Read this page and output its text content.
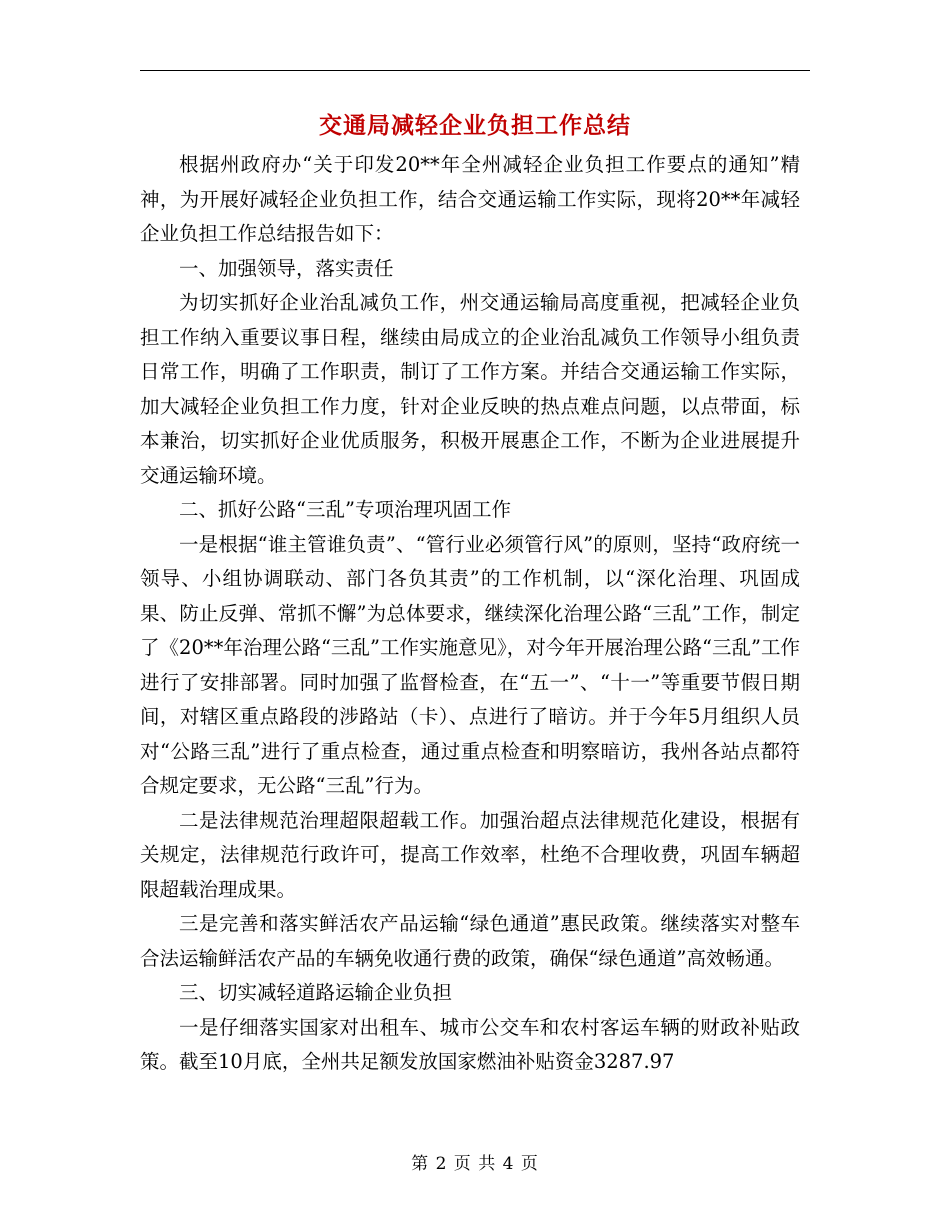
交通局减轻企业负担工作总结

根据州政府办“关于印发20**年全州减轻企业负担工作要点的通知”精神，为开展好减轻企业负担工作，结合交通运输工作实际，现将20**年减轻企业负担工作总结报告如下：

一、加强领导，落实责任

为切实抓好企业治乱减负工作，州交通运输局高度重视，把减轻企业负担工作纳入重要议事日程，继续由局成立的企业治乱减负工作领导小组负责日常工作，明确了工作职责，制订了工作方案。并结合交通运输工作实际，加大减轻企业负担工作力度，针对企业反映的热点难点问题，以点带面，标本兼治，切实抓好企业优质服务，积极开展惠企工作，不断为企业进展提升交通运输环境。

二、抓好公路“三乱”专项治理巩固工作

一是根据“谁主管谁负责”、“管行业必须管行风”的原则，坚持“政府统一领导、小组协调联动、部门各负其责”的工作机制，以“深化治理、巩固成果、防止反弹、常抓不懈”为总体要求，继续深化治理公路“三乱”工作，制定了《20**年治理公路“三乱”工作实施意见》，对今年开展治理公路“三乱”工作进行了安排部署。同时加强了监督检查，在“五一”、“十一”等重要节假日期间，对辖区重点路段的涉路站（卡）、点进行了暗访。并于今年5月组织人员对“公路三乱”进行了重点检查，通过重点检查和明察暗访，我州各站点都符合规定要求，无公路“三乱”行为。

二是法律规范治理超限超载工作。加强治超点法律规范化建设，根据有关规定，法律规范行政许可，提高工作效率，杜绝不合理收费，巩固车辆超限超载治理成果。

三是完善和落实鲜活农产品运输“绿色通道”惠民政策。继续落实对整车合法运输鲜活农产品的车辆免收通行费的政策，确保“绿色通道”高效畅通。

三、切实减轻道路运输企业负担

一是仔细落实国家对出租车、城市公交车和农村客运车辆的财政补贴政策。截至10月底，全州共足额发放国家燃油补贴资金3287.97

第 2 页 共 4 页
